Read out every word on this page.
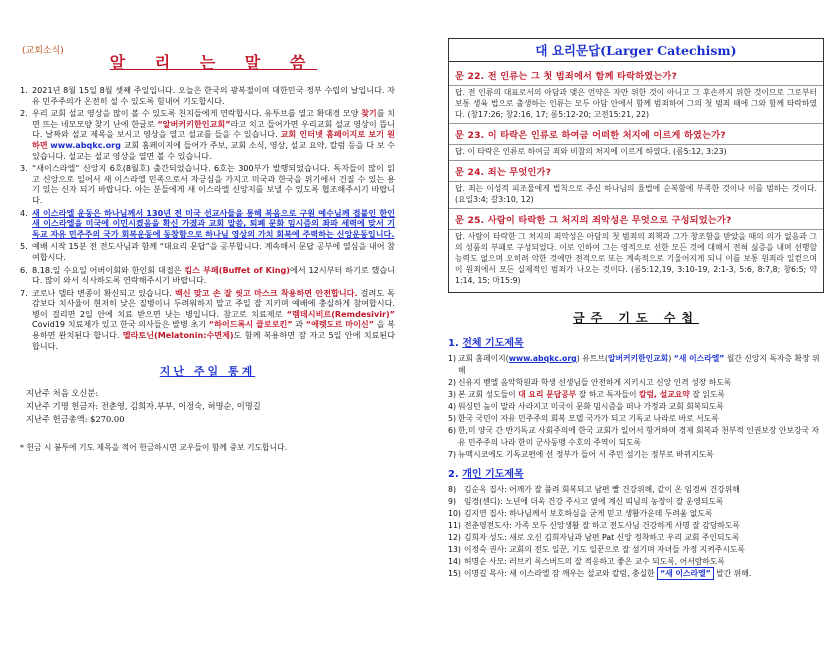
(교회소식)
알 리 는 말 씀
1. 2021년 8월 15일 8월 셋째 주일입니다. 오늘은 한국의 광복절이며 대한민국 정부 수립의 날입니다. 자유 민주주의가 온전히 설 수 있도록 힘내어 기도합시다.
2. 우리 교회 설교 영상을 많이 볼 수 있도록 친지들에게 연락합시다. 유투브를 열고 확대경 모양 찾기를 치면 뜨는 네모모양 찾기 난에 한글로 “알버커키한인교회”라고 치고 들어가면 우리교회 설교 영상이 뜹니다. 날짜와 설교 제목을 보시고 영상을 열고 설교를 들을 수 있습니다. 교회 인터넷 홈페이지로 보기 원하면 www.abqkc.org 교회 홈페이지에 들어가 주보, 교회 소식, 영상, 설교 요약, 칼럼 등을 다 보 수 있습니다. 설교는 설교 영상을 열면 볼 수 있습니다.
3. “새이스라엘” 신앙지 6호(8월호) 출간되었습니다. 6호는 300부가 발행되었습니다. 독자들이 많이 읽고 신앙으로 일어서 새 이스라엘 민족으로서 자긍심을 가지고 미국과 한국을 위기에서 건질 수 있는 용기 있는 신자 되기 바랍니다. 아는 분들에게 새 이스라엘 신앙지를 보낼 수 있도록 협조해주시기 바랍니다.
4. 새 이스라엘 운동은 하나님께서 130년 전 미국 선교사들을 통해 복음으로 구원 예수님께 접붙인 한인 새 이스라엘을 미국에 이민시켰음을 확신 가졌과 교회 말씀, 퇴폐 문화 밈시즘의 좌파 세력에 맞서 기독교 자유 민주주의 국가 회복운동에 동참함으로 하나님 영상의 가치 회복에 주력하는 신앙운동입니다.
5. 예배 시작 15분 전 전도사님과 함께 “대요리 문답”을 공부합니다. 계속해서 문답 공부에 열심을 내어 참여합시다.
6. 8.18.일 수요일 어버이회와 한인회 대접은 킴스 부페(Buffet of King)에서 12시부터 하기로 했습니다. 많이 와서 식사하도록 연락해주시기 바랍니다.
7. 코로나 델타 변종이 확신되고 있습니다. 백신 맞고 손 잘 씻고 마스크 착용하면 안전합니다. 걸려도 독감보다 치사율이 현저히 낮은 질병이니 두려워하지 말고 주일 잘 지키며 예배에 충실하게 참여합시다. 병이 걸리면 2일 안에 치료 받으면 낫는 병입니다. 참고로 치료제로 “렘데시비르(Remdesivir)” Covid19 치료제가 있고 한국 의사들은 발병 초기 “하이드록시 클로로킨” 과 “에렛도르 마이신” 을 복용하면 완치된다 합니다. 멜라토닌(Melatonin:수면제)도 함께 복용하면 잠 자고 5일 안에 치료된다 합니다.
지난 주일 통계
지난주 처음 오신분:
지난주 기명 헌금자: 전춘영, 김희자.부부, 이정숙, 허명순, 이명길
지난주 헌금총액: $270.00
* 헌금 시 봉투에 기도 제목을 적어 헌금하시면 교우들이 함께 중보 기도합니다.
대 요리문답(Larger Catechism)
문 22. 전 인류는 그 첫 범죄에서 함께 타락하였는가?
답. 전 인류의 대표로서의 아담과 맺은 언약은 자만 위한 것이 아니고 그 후손까지 위한 것이므로 그로부터 보통 생육 법으로 출생하는 인류는 모두 아담 안에서 함께 범죄하여 그의 첫 범죄 때에 그와 함께 타락하였다. (창17:26; 창2:16, 17; 롬5:12-20; 고전15:21, 22)
문 23. 이 타락은 인류로 하여금 어떠한 처지에 이르게 하였는가?
답. 이 타락은 인류로 하여금 죄와 비참의 처지에 이르게 하였다. (롬5:12, 3:23)
문 24. 죄는 무엇인가?
답. 죄는 이성적 피조물에게 법칙으로 주신 하나님의 율법에 순복함에 부족한 것이나 이를 범하는 것이다. (요일3:4; 갈3:10, 12)
문 25. 사람이 타락한 그 처지의 죄악성은 무엇으로 구성되었는가?
답. 사람이 타락한 그 처지의 죄악성은 아담의 첫 범죄의 죄책과 그가 창조함을 받았을 때의 의가 없음과 그의 성품의 부패로 구성되었다. 이로 인하여 그는 영적으로 선한 모든 것에 대해서 전혀 싫증을 내며 선행할 능력도 없으며 오히려 악한 것에만 전적으로 또는 계속적으로 기울어지게 되니 이를 보통 원죄라 일컫으며 이 원죄에서 모든 실제적인 범죄가 나오는 것이다. (롬5:12,19, 3:10-19, 2:1-3, 5:6, 8:7,8; 창6:5; 약1:14, 15; 마15:9)
금주 기도 수첩
1. 전체 기도제목
1) 교회 홈페이지(www.abqkc.org) 유트브(알버커키한인교회) “새 이스라엘” 월간 신앙지 독자층 확장 위해
2) 신유지 벧엘 음악학원과 학생 선생님들 안전하게 지키시고 신앙 인격 성장 하도록
3) 본 교회 성도들이 대 요리 문답공부 잘 하고 독자들이 칼럼, 설교요약 잘 읽도록
4) 워싱턴 늪이 말라 사라지고 미국이 문화 밈시즘을 떠나 가정과 교회 회복되도록
5) 한국 국민이 자유 민주주의 회복 모델 국가가 되고 기독교 나라로 바로 서도록
6) 한,미 양국 간 반기독교 사회주의에 한국 교회가 일어서 항거하며 경제 회복과 천부적 인권보장 안보강국 자유 민주주의 나라 한미 군사동맹 수호의 주역이 되도록
7) 뉴멕시코에도 기독교편에 선 정부가 들어 서 주민 섬기는 정부로 바뀌지도록
2. 개인 기도제목
8) 김순옥 집사: 어깨가 잘 풀려 회복되고 남편 빨 건강위해, 같이 온 임경씨 건강위해
9) 임경(센디): 노년에 더욱 건강 주시고 옆에 계신 띠님의 농장이 잘 운영되도록
10) 김지연 집사: 하나님께서 보호하심을 굳게 믿고 생활가운데 두려움 없도록
11) 전춘영전도사: 가족 모두 신앙생활 잘 하고 전도사님 건강하게 사명 잘 감당하도록
12) 김희자 성도: 새로 오신 김희자님과 남편 Pat 신앙 정착하고 우리 교회 주인되도록
13) 이정숙 권사: 교회의 전도 일꾼, 기도 일꾼으로 잘 섬기며 자녀들 가정 지켜주시도록
14) 허명순 사모: 러브키 록스버드의 잘 적응하고 좋은 교수 되도록, 어서람하도록
15) 이명길 목사: 새 이스라엘 잠 깨우는 설교와 칼럼, 충실한 “새 이스라엘” 발간 위해.
